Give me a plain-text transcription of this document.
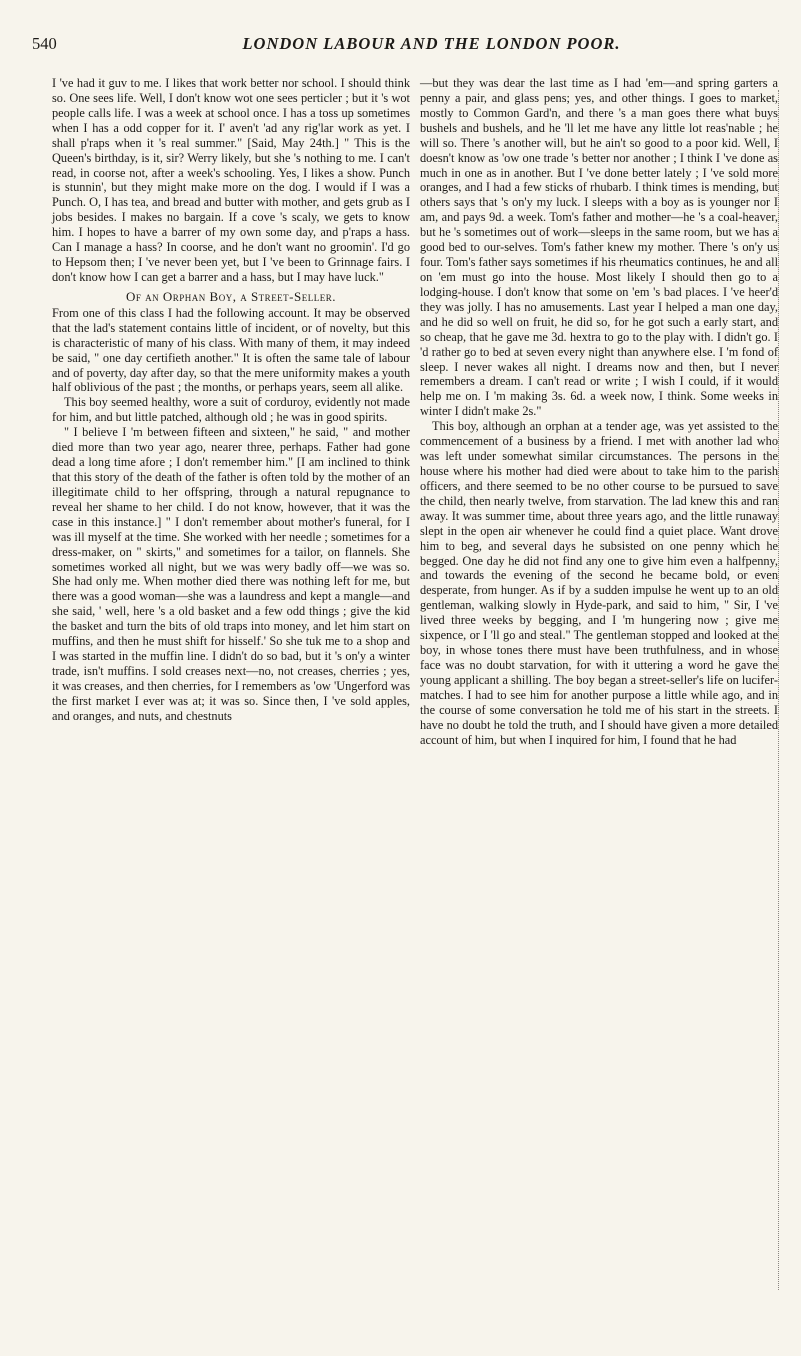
540	LONDON LABOUR AND THE LONDON POOR.

I 've had it guv to me. I likes that work better nor school. I should think so. One sees life. Well, I don't know wot one sees perticler ; but it 's wot people calls life. I was a week at school once. I has a toss up sometimes when I has a odd copper for it. I' aven't 'ad any rig'lar work as yet. I shall p'raps when it 's real summer." [Said, May 24th.] " This is the Queen's birthday, is it, sir? Werry likely, but she 's nothing to me. I can't read, in coorse not, after a week's schooling. Yes, I likes a show. Punch is stunnin', but they might make more on the dog. I would if I was a Punch. O, I has tea, and bread and butter with mother, and gets grub as I jobs besides. I makes no bargain. If a cove 's scaly, we gets to know him. I hopes to have a barrer of my own some day, and p'raps a hass. Can I manage a hass? In coorse, and he don't want no groomin'. I'd go to Hepsom then; I 've never been yet, but I 've been to Grinnage fairs. I don't know how I can get a barrer and a hass, but I may have luck."

Of an Orphan Boy, a Street-Seller.

From one of this class I had the following account. It may be observed that the lad's statement contains little of incident, or of novelty, but this is characteristic of many of his class. With many of them, it may indeed be said, " one day certifieth another." It is often the same tale of labour and of poverty, day after day, so that the mere uniformity makes a youth half oblivious of the past ; the months, or perhaps years, seem all alike.

This boy seemed healthy, wore a suit of corduroy, evidently not made for him, and but little patched, although old ; he was in good spirits.

" I believe I 'm between fifteen and sixteen," he said, " and mother died more than two year ago, nearer three, perhaps. Father had gone dead a long time afore ; I don't remember him." [I am inclined to think that this story of the death of the father is often told by the mother of an illegitimate child to her offspring, through a natural repugnance to reveal her shame to her child. I do not know, however, that it was the case in this instance.] " I don't remember about mother's funeral, for I was ill myself at the time. She worked with her needle ; sometimes for a dress-maker, on " skirts," and sometimes for a tailor, on flannels. She sometimes worked all night, but we was wery badly off—we was so. She had only me. When mother died there was nothing left for me, but there was a good woman—she was a laundress and kept a mangle—and she said, ' well, here 's a old basket and a few odd things ; give the kid the basket and turn the bits of old traps into money, and let him start on muffins, and then he must shift for hisself.' So she tuk me to a shop and I was started in the muffin line. I didn't do so bad, but it 's on'y a winter trade, isn't muffins. I sold creases next—no, not creases, cherries ; yes, it was creases, and then cherries, for I remembers as 'ow 'Ungerford was the first market I ever was at; it was so. Since then, I 've sold apples, and oranges, and nuts, and chestnuts

—but they was dear the last time as I had 'em—and spring garters a penny a pair, and glass pens; yes, and other things. I goes to market, mostly to Common Gard'n, and there 's a man goes there what buys bushels and bushels, and he 'll let me have any little lot reas'nable ; he will so. There 's another will, but he ain't so good to a poor kid. Well, I doesn't know as 'ow one trade 's better nor another ; I think I 've done as much in one as in another. But I 've done better lately ; I 've sold more oranges, and I had a few sticks of rhubarb. I think times is mending, but others says that 's on'y my luck. I sleeps with a boy as is younger nor I am, and pays 9d. a week. Tom's father and mother—he 's a coal-heaver, but he 's sometimes out of work—sleeps in the same room, but we has a good bed to our-selves. Tom's father knew my mother. There 's on'y us four. Tom's father says sometimes if his rheumatics continues, he and all on 'em must go into the house. Most likely I should then go to a lodging-house. I don't know that some on 'em 's bad places. I 've heer'd they was jolly. I has no amusements. Last year I helped a man one day, and he did so well on fruit, he did so, for he got such a early start, and so cheap, that he gave me 3d. hextra to go to the play with. I didn't go. I 'd rather go to bed at seven every night than anywhere else. I 'm fond of sleep. I never wakes all night. I dreams now and then, but I never remembers a dream. I can't read or write ; I wish I could, if it would help me on. I 'm making 3s. 6d. a week now, I think. Some weeks in winter I didn't make 2s."

This boy, although an orphan at a tender age, was yet assisted to the commencement of a business by a friend. I met with another lad who was left under somewhat similar circumstances. The persons in the house where his mother had died were about to take him to the parish officers, and there seemed to be no other course to be pursued to save the child, then nearly twelve, from starvation. The lad knew this and ran away. It was summer time, about three years ago, and the little runaway slept in the open air whenever he could find a quiet place. Want drove him to beg, and several days he subsisted on one penny which he begged. One day he did not find any one to give him even a halfpenny, and towards the evening of the second he became bold, or even desperate, from hunger. As if by a sudden impulse he went up to an old gentleman, walking slowly in Hyde-park, and said to him, " Sir, I 've lived three weeks by begging, and I 'm hungering now ; give me sixpence, or I 'll go and steal." The gentleman stopped and looked at the boy, in whose tones there must have been truthfulness, and in whose face was no doubt starvation, for with it uttering a word he gave the young applicant a shilling. The boy began a street-seller's life on lucifer-matches. I had to see him for another purpose a little while ago, and in the course of some conversation he told me of his start in the streets. I have no doubt he told the truth, and I should have given a more detailed account of him, but when I inquired for him, I found that he had
